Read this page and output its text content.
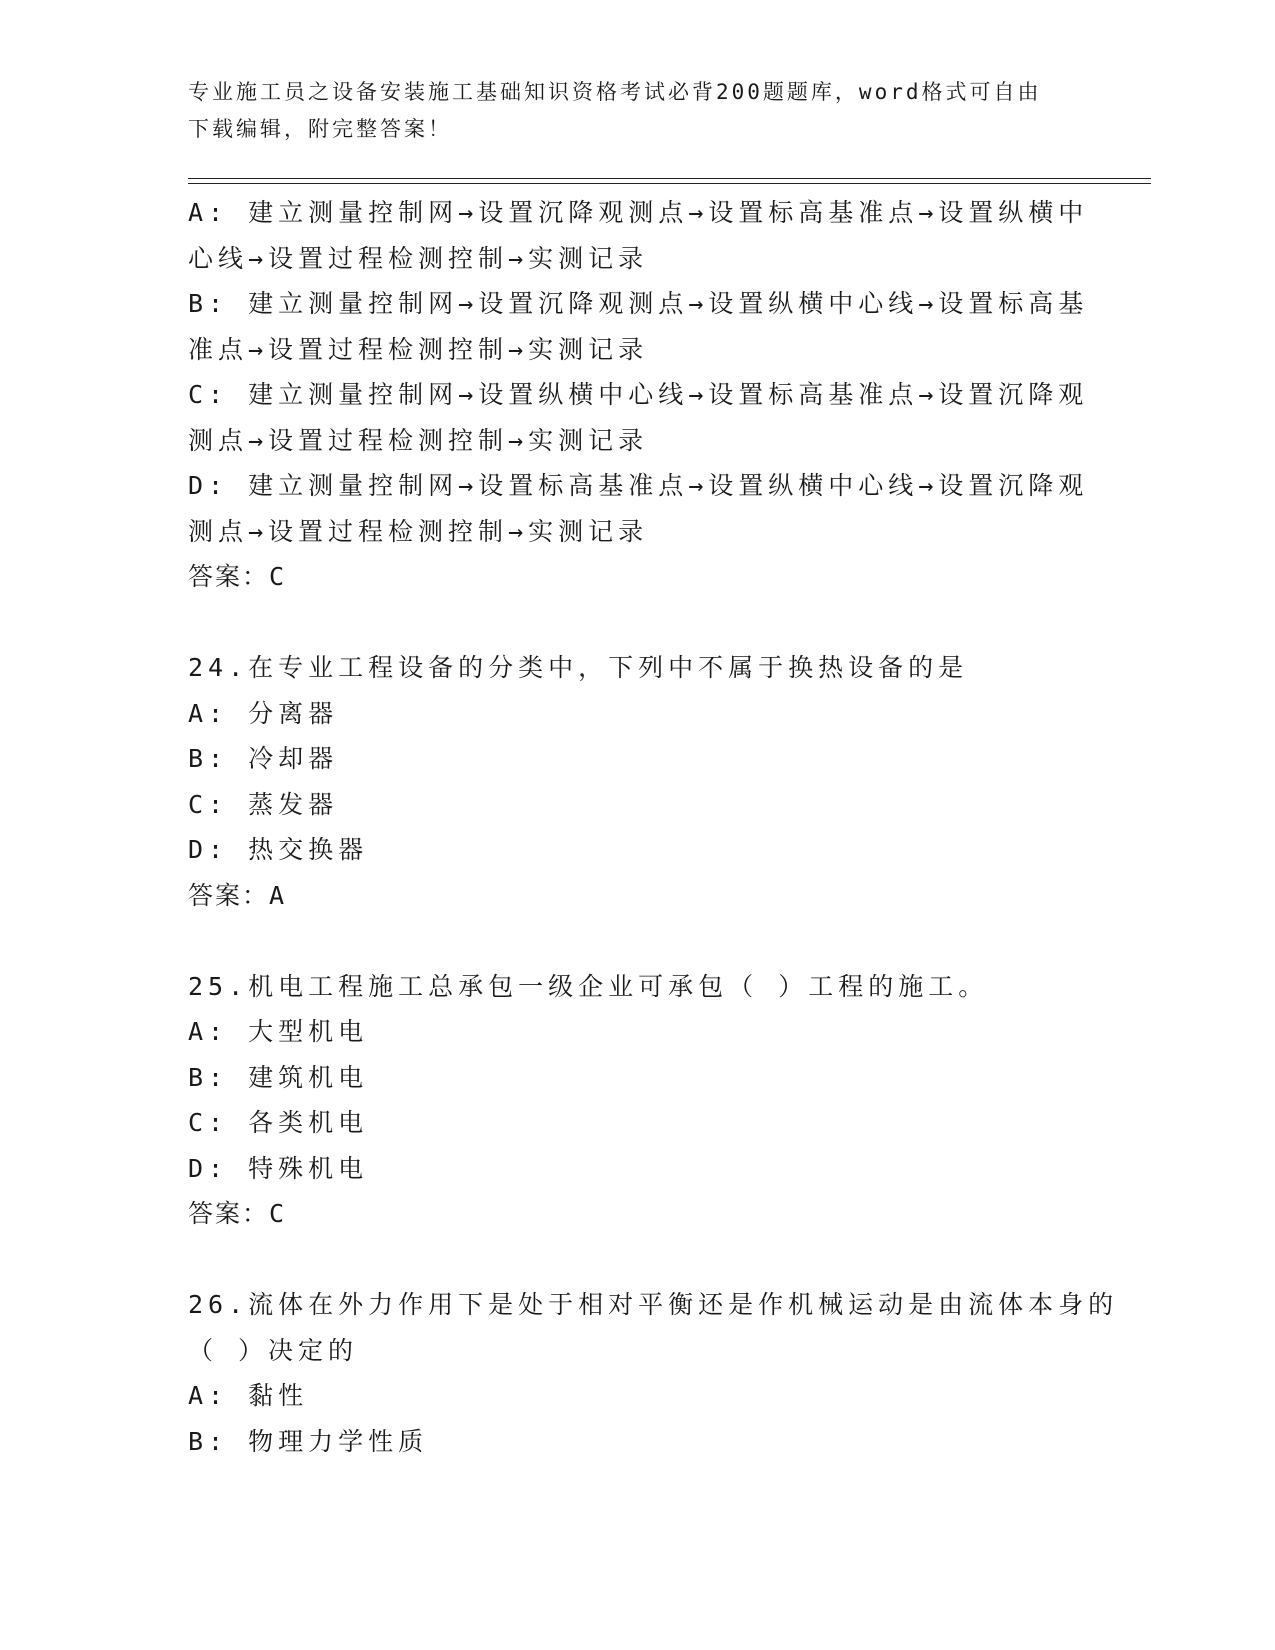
专业施工员之设备安装施工基础知识资格考试必背200题题库，word格式可自由
下载编辑，附完整答案！
A: 建立测量控制网→设置沉降观测点→设置标高基准点→设置纵横中
心线→设置过程检测控制→实测记录
B: 建立测量控制网→设置沉降观测点→设置纵横中心线→设置标高基
准点→设置过程检测控制→实测记录
C: 建立测量控制网→设置纵横中心线→设置标高基准点→设置沉降观
测点→设置过程检测控制→实测记录
D: 建立测量控制网→设置标高基准点→设置纵横中心线→设置沉降观
测点→设置过程检测控制→实测记录
答案：C
24.在专业工程设备的分类中，下列中不属于换热设备的是
A: 分离器
B: 冷却器
C: 蒸发器
D: 热交换器
答案：A
25.机电工程施工总承包一级企业可承包（ ）工程的施工。
A: 大型机电
B: 建筑机电
C: 各类机电
D: 特殊机电
答案：C
26.流体在外力作用下是处于相对平衡还是作机械运动是由流体本身的
（ ）决定的
A: 黏性
B: 物理力学性质
